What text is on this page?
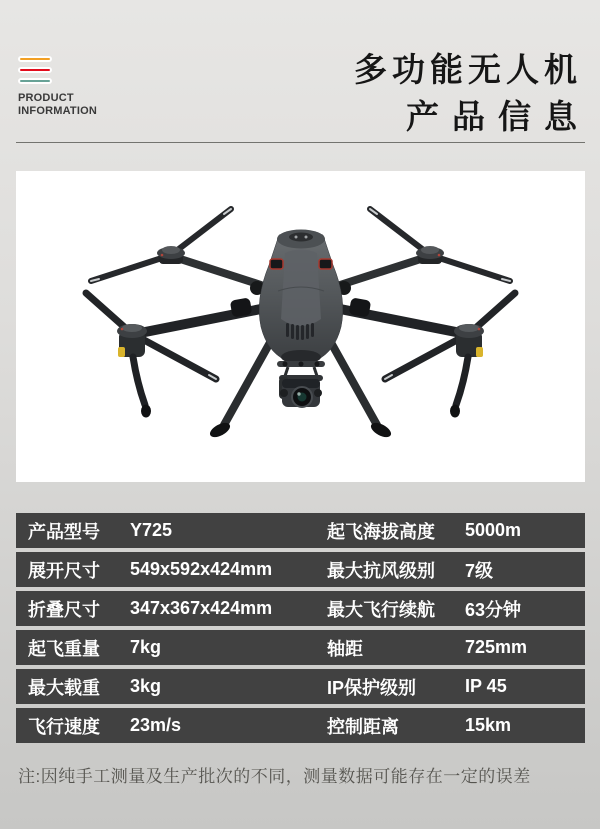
PRODUCT
INFORMATION
多功能无人机
产品信息
产品型号	Y725	起飞海拔高度	5000m
展开尺寸	549x592x424mm	最大抗风级别	7级
折叠尺寸	347x367x424mm	最大飞行续航	63分钟
起飞重量	7kg	轴距	725mm
最大载重	3kg	IP保护级别	IP 45
飞行速度	23m/s	控制距离	15km
注:因纯手工测量及生产批次的不同，测量数据可能存在一定的误差
